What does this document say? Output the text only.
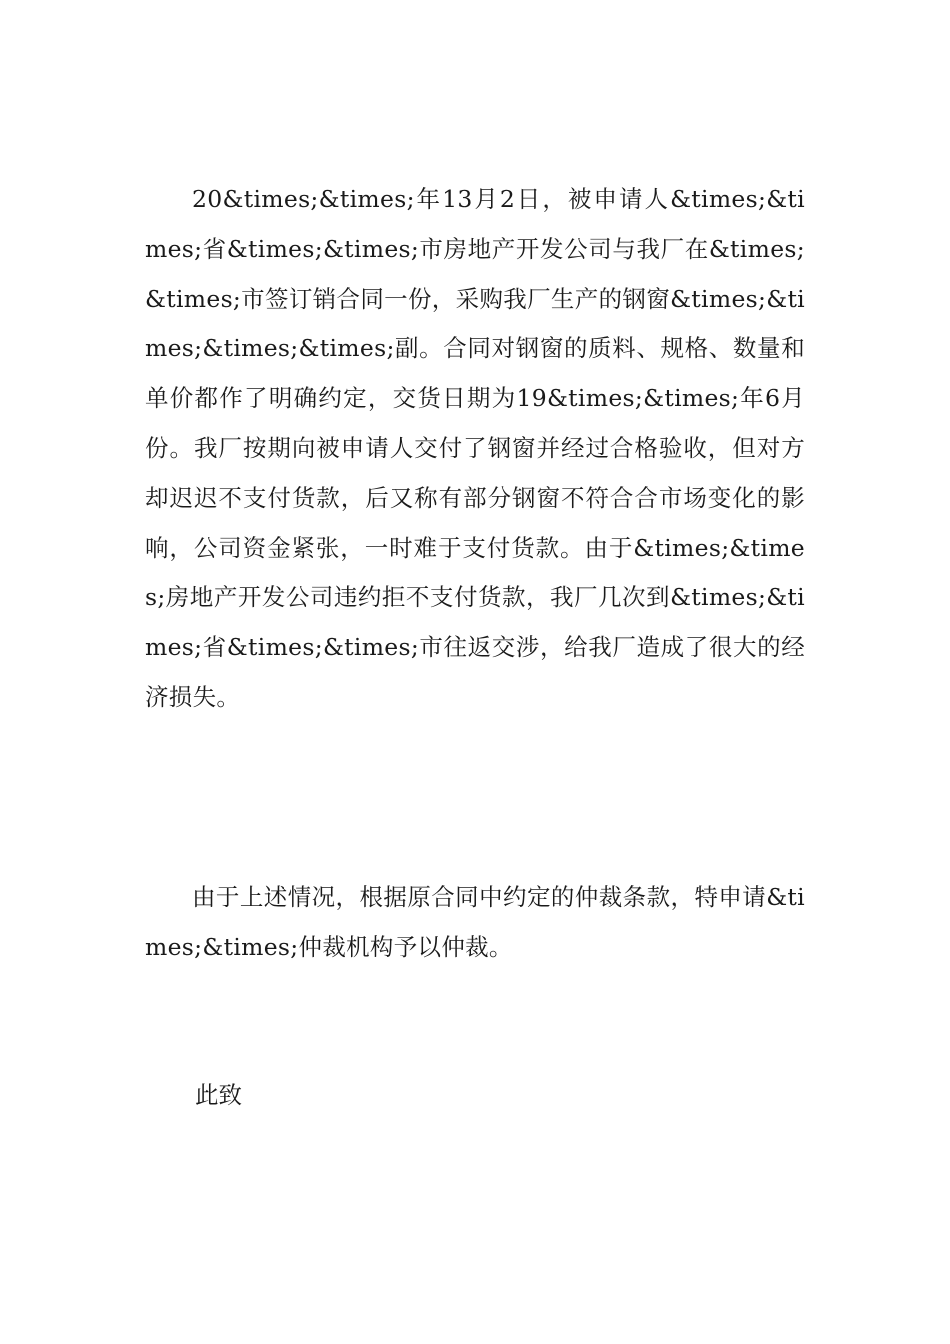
20&times;&times;年13月2日，被申请人&times;&times;省&times;&times;市房地产开发公司与我厂在&times;&times;市签订销合同一份，采购我厂生产的钢窗&times;&times;&times;&times;副。合同对钢窗的质料、规格、数量和单价都作了明确约定，交货日期为19&times;&times;年6月份。我厂按期向被申请人交付了钢窗并经过合格验收，但对方却迟迟不支付货款，后又称有部分钢窗不符合合市场变化的影响，公司资金紧张，一时难于支付货款。由于&times;&times;房地产开发公司违约拒不支付货款，我厂几次到&times;&times;省&times;&times;市往返交涉，给我厂造成了很大的经济损失。

由于上述情况，根据原合同中约定的仲裁条款，特申请&times;&times;仲裁机构予以仲裁。

此致
